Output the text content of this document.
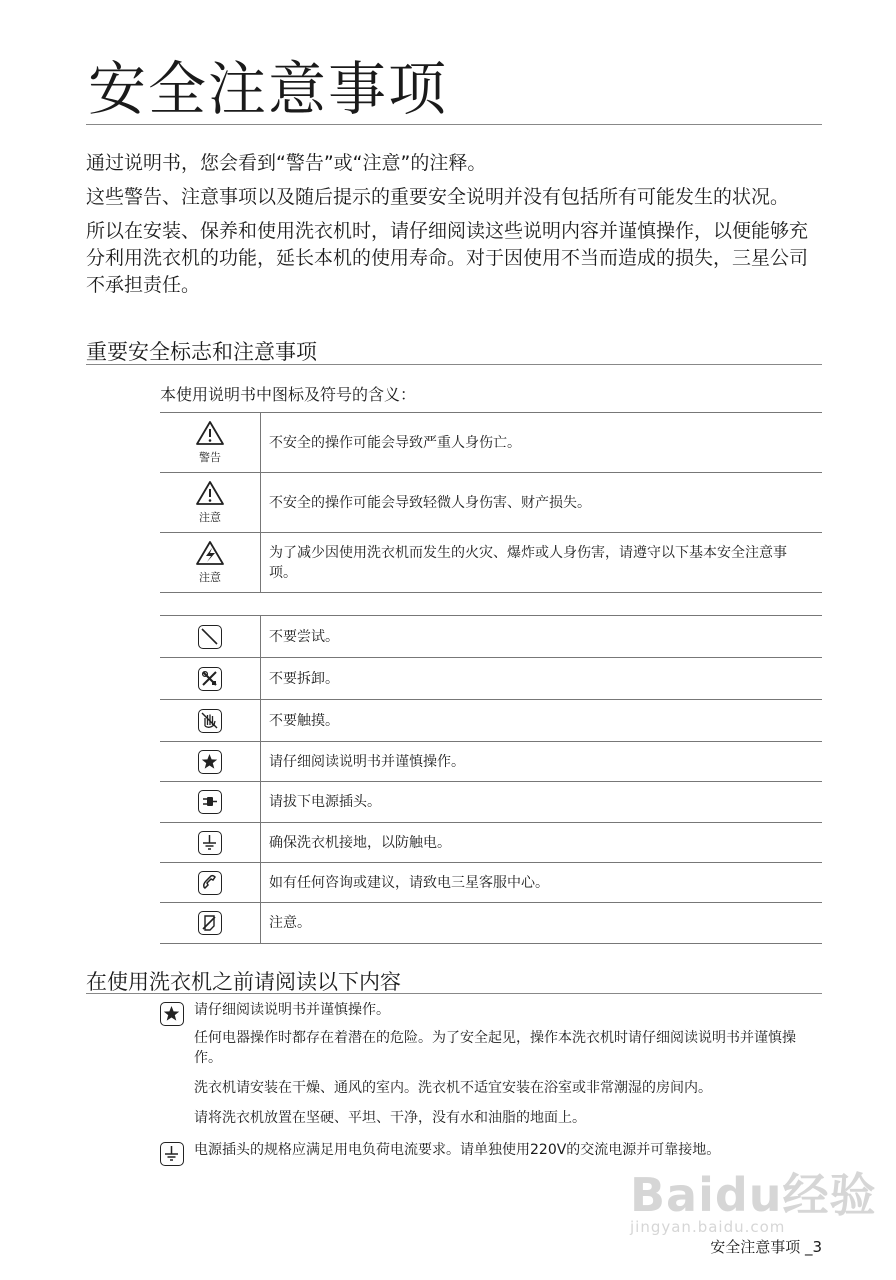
安全注意事项

通过说明书，您会看到“警告”或“注意”的注释。

这些警告、注意事项以及随后提示的重要安全说明并没有包括所有可能发生的状况。

所以在安装、保养和使用洗衣机时，请仔细阅读这些说明内容并谨慎操作，以便能够充分利用洗衣机的功能，延长本机的使用寿命。对于因使用不当而造成的损失，三星公司不承担责任。

重要安全标志和注意事项
本使用说明书中图标及符号的含义：
警告	不安全的操作可能会导致严重人身伤亡。

注意	不安全的操作可能会导致轻微人身伤害、财产损失。

注意	为了减少因使用洗衣机而发生的火灾、爆炸或人身伤害，请遵守以下基本安全注意事项。
	不要尝试。

	不要拆卸。

	不要触摸。

	请仔细阅读说明书并谨慎操作。

	请拔下电源插头。

	确保洗衣机接地，以防触电。

	如有任何咨询或建议，请致电三星客服中心。

	注意。
在使用洗衣机之前请阅读以下内容
请仔细阅读说明书并谨慎操作。
任何电器操作时都存在着潜在的危险。为了安全起见，操作本洗衣机时请仔细阅读说明书并谨慎操作。
洗衣机请安装在干燥、通风的室内。洗衣机不适宜安装在浴室或非常潮湿的房间内。
请将洗衣机放置在坚硬、平坦、干净，没有水和油脂的地面上。
电源插头的规格应满足用电负荷电流要求。请单独使用220V的交流电源并可靠接地。
Baidu经验
jingyan.baidu.com
安全注意事项 _3
